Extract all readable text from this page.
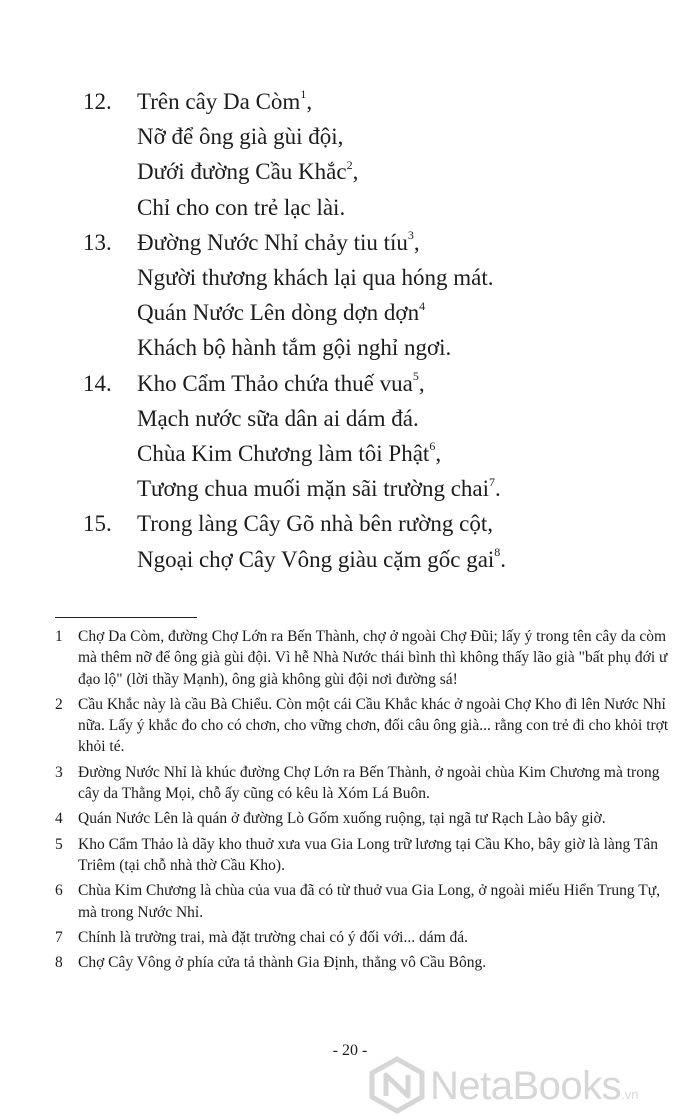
12.	Trên cây Da Còm$^1$,
Nỡ để ông già gùi đội,
Dưới đường Cầu Khắc$^2$,
Chỉ cho con trẻ lạc lài.
13.	Đường Nước Nhỉ chảy tiu tíu$^3$,
Người thương khách lại qua hóng mát.
Quán Nước Lên dòng dợn dợn$^4$
Khách bộ hành tắm gội nghỉ ngơi.
14.	Kho Cẩm Thảo chứa thuế vua$^5$,
Mạch nước sữa dân ai dám đá.
Chùa Kim Chương làm tôi Phật$^6$,
Tương chua muối mặn sãi trường chai$^7$.
15.	Trong làng Cây Gõ nhà bên rường cột,
Ngoại chợ Cây Vông giàu cặm gốc gai$^8$.
1 Chợ Da Còm, đường Chợ Lớn ra Bến Thành, chợ ở ngoài Chợ Đũi; lấy ý trong tên cây da còm mà thêm nỡ để ông già gùi đội. Vì hễ Nhà Nước thái bình thì không thấy lão già "bất phụ đới ư đạo lộ" (lời thầy Mạnh), ông già không gùi đội nơi đường sá!
2 Cầu Khắc này là cầu Bà Chiểu. Còn một cái Cầu Khắc khác ở ngoài Chợ Kho đi lên Nước Nhỉ nữa. Lấy ý khắc đo cho có chơn, cho vững chơn, đối câu ông già... rằng con trẻ đi cho khỏi trợt khỏi té.
3 Đường Nước Nhỉ là khúc đường Chợ Lớn ra Bến Thành, ở ngoài chùa Kim Chương mà trong cây da Thằng Mọi, chỗ ấy cũng có kêu là Xóm Lá Buôn.
4 Quán Nước Lên là quán ở đường Lò Gốm xuống ruộng, tại ngã tư Rạch Lào bây giờ.
5 Kho Cẩm Thảo là dãy kho thuở xưa vua Gia Long trữ lương tại Cầu Kho, bây giờ là làng Tân Triêm (tại chỗ nhà thờ Cầu Kho).
6 Chùa Kim Chương là chùa của vua đã có từ thuở vua Gia Long, ở ngoài miếu Hiển Trung Tự, mà trong Nước Nhỉ.
7 Chính là trường trai, mà đặt trường chai có ý đối với... dám đá.
8 Chợ Cây Vông ở phía cửa tả thành Gia Định, thẳng vô Cầu Bông.
- 20 -
NetaBooks.vn
